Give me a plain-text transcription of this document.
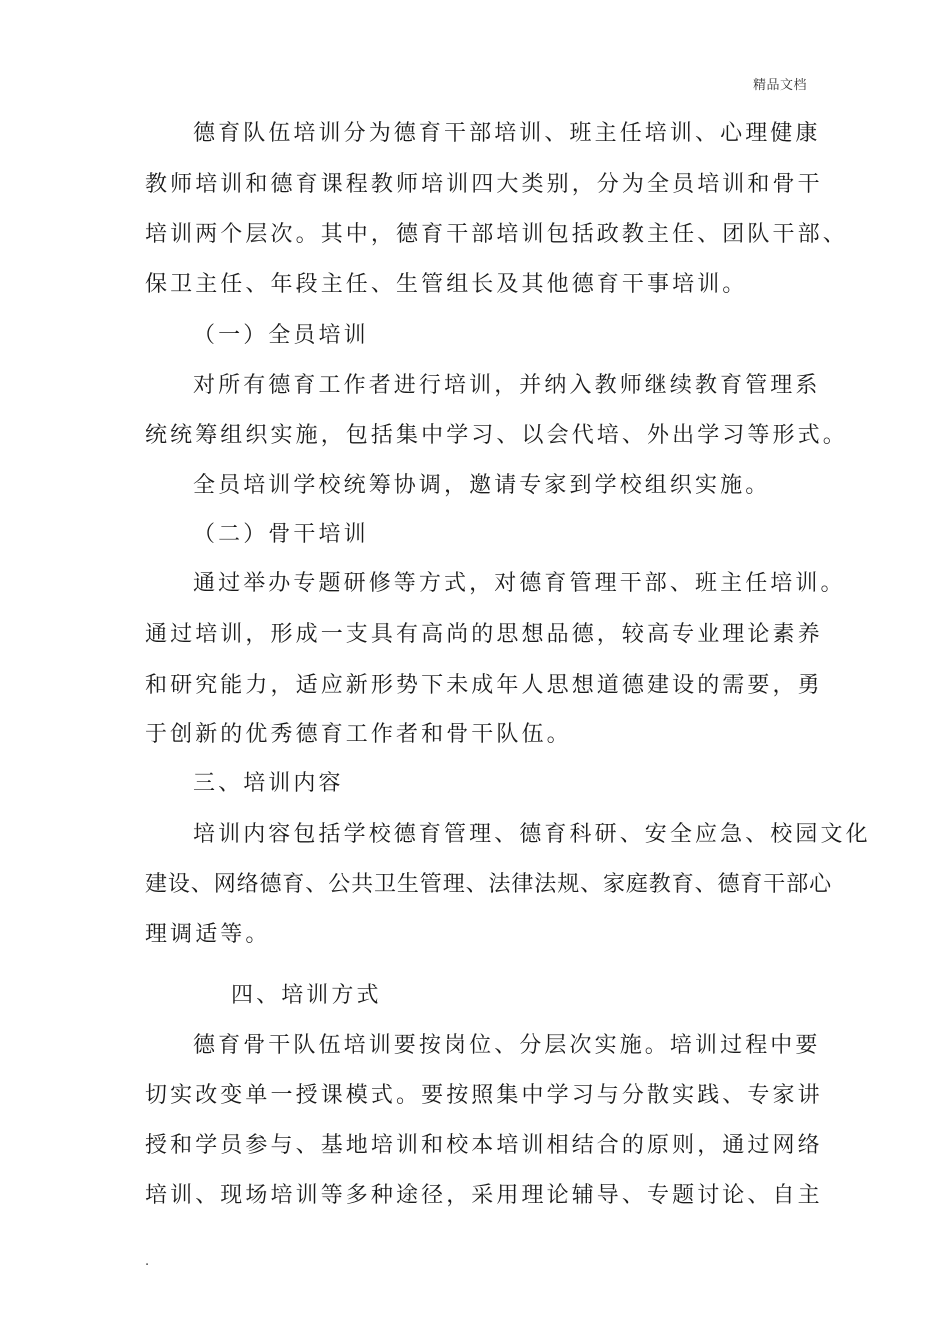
精品文档
德育队伍培训分为德育干部培训、班主任培训、心理健康
教师培训和德育课程教师培训四大类别，分为全员培训和骨干
培训两个层次。其中，德育干部培训包括政教主任、团队干部、
保卫主任、年段主任、生管组长及其他德育干事培训。
（一）全员培训
对所有德育工作者进行培训，并纳入教师继续教育管理系
统统筹组织实施，包括集中学习、以会代培、外出学习等形式。
全员培训学校统筹协调，邀请专家到学校组织实施。
（二）骨干培训
通过举办专题研修等方式，对德育管理干部、班主任培训。
通过培训，形成一支具有高尚的思想品德，较高专业理论素养
和研究能力，适应新形势下未成年人思想道德建设的需要，勇
于创新的优秀德育工作者和骨干队伍。
三、培训内容
培训内容包括学校德育管理、德育科研、安全应急、校园文化
建设、网络德育、公共卫生管理、法律法规、家庭教育、德育干部心
理调适等。
四、培训方式
德育骨干队伍培训要按岗位、分层次实施。培训过程中要
切实改变单一授课模式。要按照集中学习与分散实践、专家讲
授和学员参与、基地培训和校本培训相结合的原则，通过网络
培训、现场培训等多种途径，采用理论辅导、专题讨论、自主
.
